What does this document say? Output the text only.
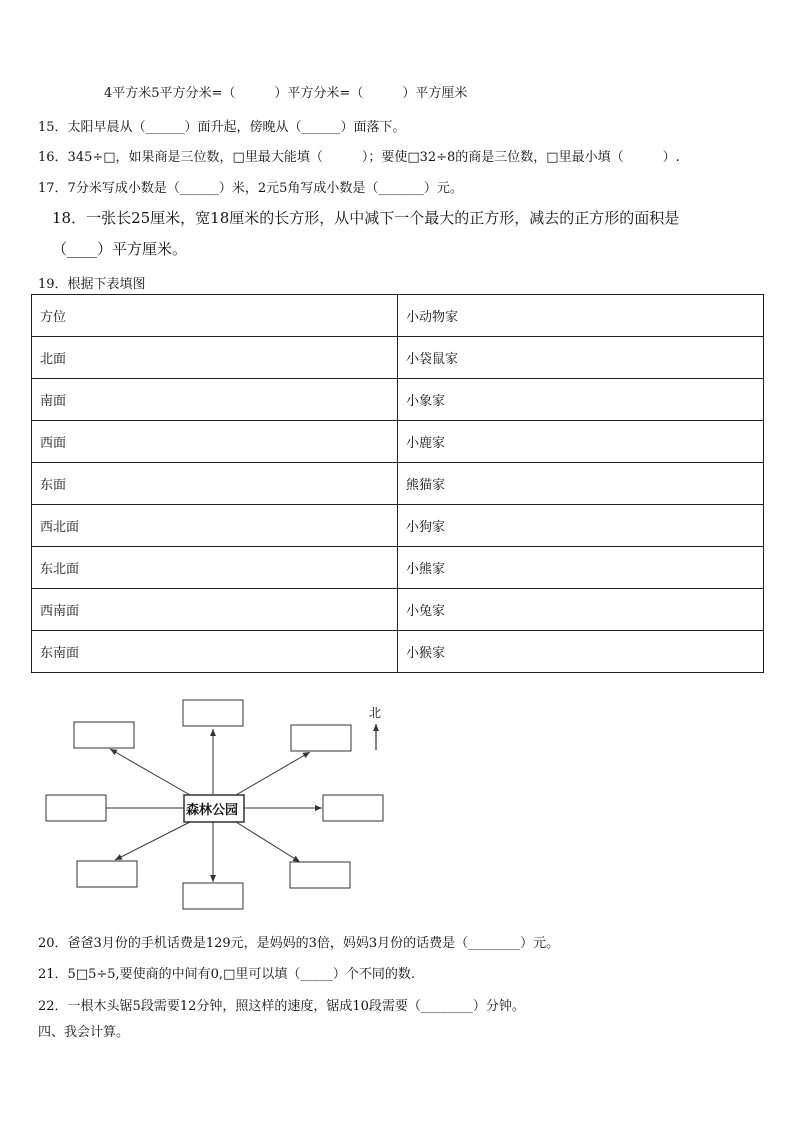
4平方米5平方分米=（　　　）平方分米=（　　　）平方厘米
15．太阳早晨从（______）面升起，傍晚从（______）面落下。
16．345÷□，如果商是三位数，□里最大能填（　　　）；要使□32÷8的商是三位数，□里最小填（　　　）.
17．7分米写成小数是（______）米，2元5角写成小数是（_______）元。
18．一张长25厘米，宽18厘米的长方形，从中减下一个最大的正方形，减去的正方形的面积是
（____）平方厘米。
19．根据下表填图
方位	小动物家
北面	小袋鼠家
南面	小象家
西面	小鹿家
东面	熊猫家
西北面	小狗家
东北面	小熊家
西南面	小兔家
东南面	小猴家
森林公园
北
20．爸爸3月份的手机话费是129元，是妈妈的3倍，妈妈3月份的话费是（________）元。
21．5□5÷5,要使商的中间有0,□里可以填（_____）个不同的数.
22．一根木头锯5段需要12分钟，照这样的速度，锯成10段需要（________）分钟。
四、我会计算。
